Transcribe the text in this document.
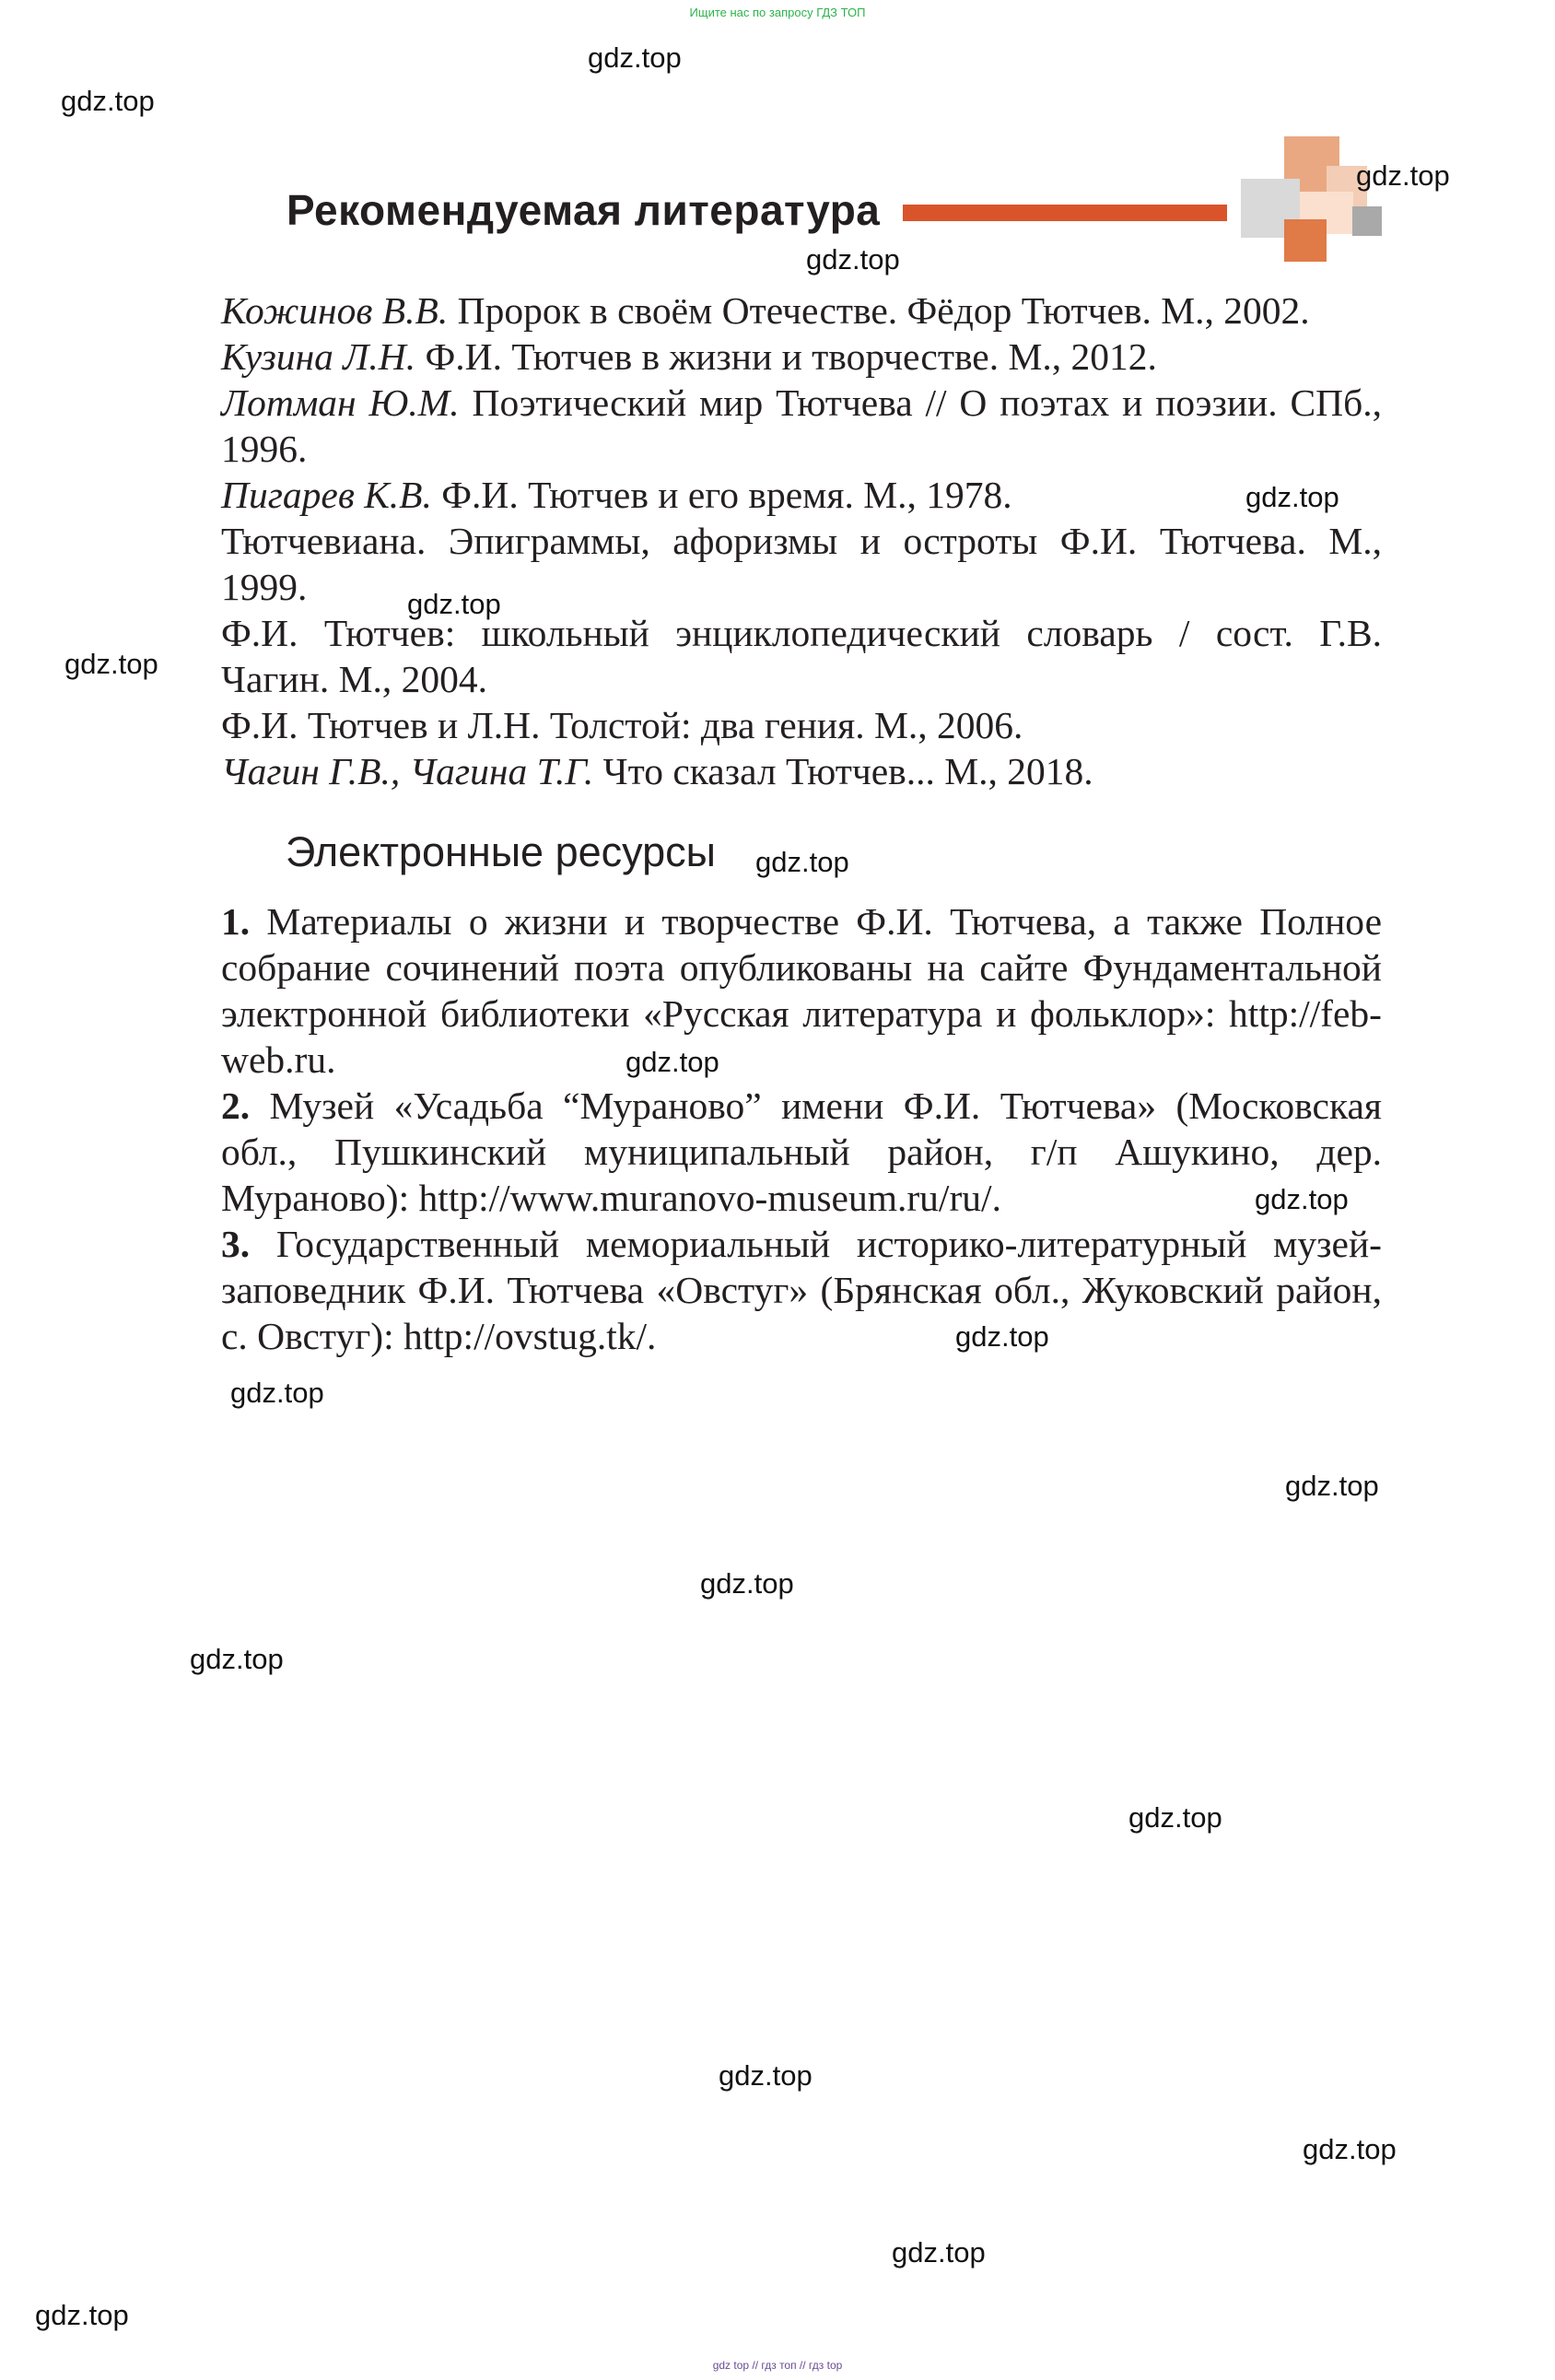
Ищите нас по запросу ГДЗ ТОП
Рекомендуемая литература

Кожинов В.В. Пророк в своём Отечестве. Фёдор Тютчев. М., 2002.

Кузина Л.Н. Ф.И. Тютчев в жизни и творчестве. М., 2012.

Лотман Ю.М. Поэтический мир Тютчева // О поэтах и поэзии. СПб., 1996.

Пигарев К.В. Ф.И. Тютчев и его время. М., 1978.

Тютчевиана. Эпиграммы, афоризмы и остроты Ф.И. Тютчева. М., 1999.

Ф.И. Тютчев: школьный энциклопедический словарь / сост. Г.В. Чагин. М., 2004.

Ф.И. Тютчев и Л.Н. Толстой: два гения. М., 2006.

Чагин Г.В., Чагина Т.Г. Что сказал Тютчев... М., 2018.

Электронные ресурсы

1. Материалы о жизни и творчестве Ф.И. Тютчева, а также Полное собрание сочинений поэта опубликованы на сайте Фундаментальной электронной библиотеки «Русская литература и фольклор»: http://feb-web.ru.

2. Музей «Усадьба “Мураново” имени Ф.И. Тютчева» (Московская обл., Пушкинский муниципальный район, г/п Ашукино, дер. Мураново): http://www.muranovo-museum.ru/ru/.

3. Государственный мемориальный историко-литературный музей-заповедник Ф.И. Тютчева «Овстуг» (Брянская обл., Жуковский район, с. Овстуг): http://ovstug.tk/.

gdz.top
gdz.top
gdz.top
gdz.top
gdz.top
gdz.top
gdz.top
gdz.top
gdz.top
gdz.top
gdz.top
gdz.top
gdz.top
gdz.top
gdz.top
gdz.top
gdz.top
gdz.top
gdz.top
gdz.top
gdz top // гдз топ // гдз top
